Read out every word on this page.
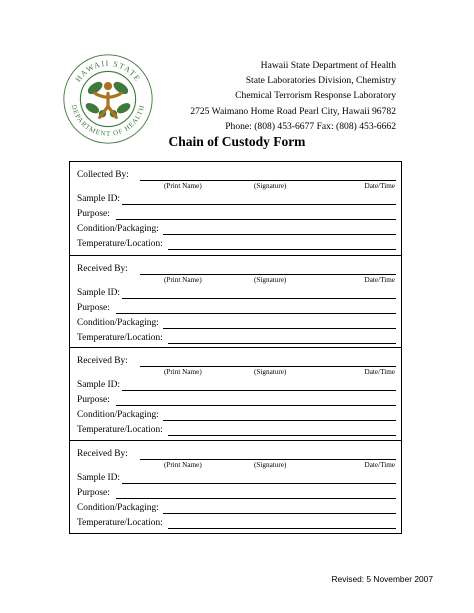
HAWAII STATE
DEPARTMENT OF HEALTH
Hawaii State Department of Health
State Laboratories Division, Chemistry
Chemical Terrorism Response Laboratory
2725 Waimano Home Road Pearl City, Hawaii 96782
Phone: (808) 453-6677 Fax: (808) 453-6662
Chain of Custody Form
Collected By:
(Print Name)	(Signature)	Date/Time
Sample ID:
Purpose:
Condition/Packaging:
Temperature/Location:
Received By:
(Print Name)	(Signature)	Date/Time
Sample ID:
Purpose:
Condition/Packaging:
Temperature/Location:
Received By:
(Print Name)	(Signature)	Date/Time
Sample ID:
Purpose:
Condition/Packaging:
Temperature/Location:
Received By:
(Print Name)	(Signature)	Date/Time
Sample ID:
Purpose:
Condition/Packaging:
Temperature/Location:
Revised: 5 November 2007
